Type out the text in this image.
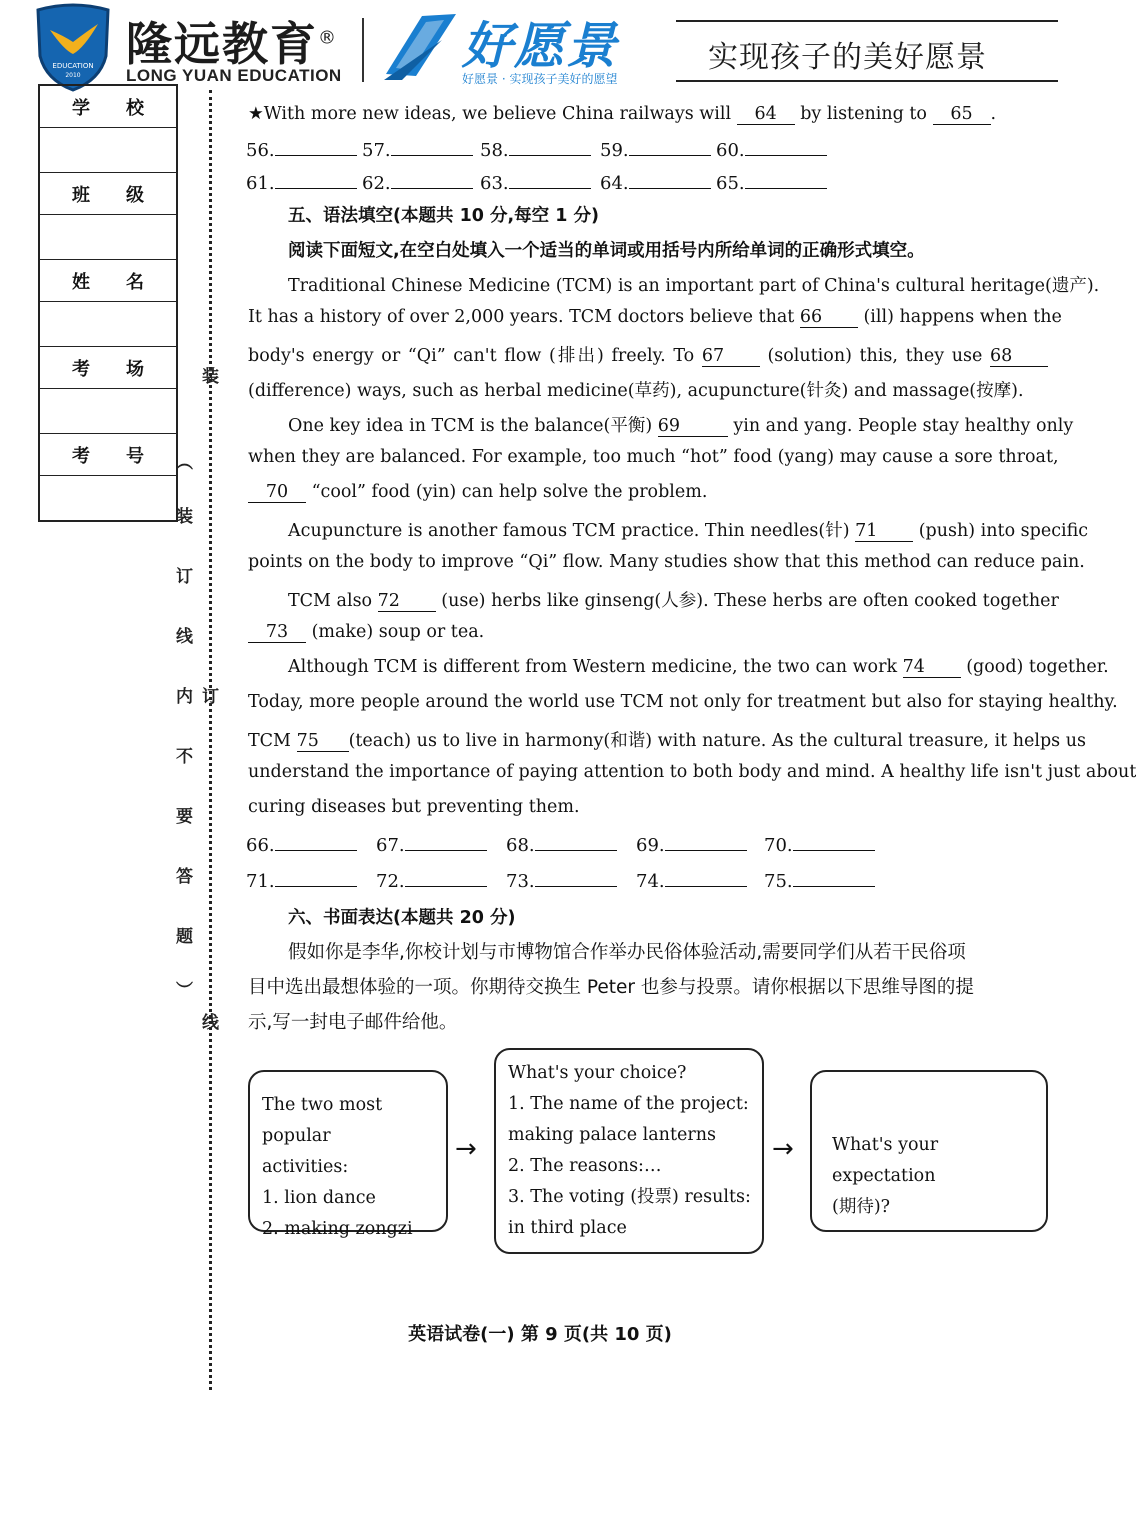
EDUCATION
2010
隆远教育®
LONG YUAN EDUCATION
好愿景
好愿景 · 实现孩子美好的愿望
实现孩子的美好愿景
学 校
班 级
姓 名
考 场
考 号
装
︵
装
订
线
内 订
不
要
答
题
︶
线
★With more new ideas, we believe China railways will 64 by listening to 65 .
56.	57.	58.	59.	60.
61.	62.	63.	64.	65.
五、语法填空(本题共 10 分,每空 1 分)
阅读下面短文,在空白处填入一个适当的单词或用括号内所给单词的正确形式填空。
Traditional Chinese Medicine (TCM) is an important part of China's cultural heritage(遗产).
It has a history of over 2,000 years. TCM doctors believe that 66 (ill) happens when the
body's energy or “Qi” can't flow (排出) freely. To 67 (solution) this, they use 68
(difference) ways, such as herbal medicine(草药), acupuncture(针灸) and massage(按摩).
One key idea in TCM is the balance(平衡) 69	yin and yang. People stay healthy only
when they are balanced. For example, too much “hot” food (yang) may cause a sore throat,
70 “cool” food (yin) can help solve the problem.
Acupuncture is another famous TCM practice. Thin needles(针) 71 (push) into specific
points on the body to improve “Qi” flow. Many studies show that this method can reduce pain.
TCM also 72 (use) herbs like ginseng(人参). These herbs are often cooked together
73 (make) soup or tea.
Although TCM is different from Western medicine, the two can work 74 (good) together.
Today, more people around the world use TCM not only for treatment but also for staying healthy.
TCM 75 (teach) us to live in harmony(和谐) with nature. As the cultural treasure, it helps us
understand the importance of paying attention to both body and mind. A healthy life isn't just about
curing diseases but preventing them.
66.	67.	68.	69.	70.
71.	72.	73.	74.	75.
六、书面表达(本题共 20 分)
假如你是李华,你校计划与市博物馆合作举办民俗体验活动,需要同学们从若干民俗项
目中选出最想体验的一项。你期待交换生 Peter 也参与投票。请你根据以下思维导图的提
示,写一封电子邮件给他。
The two most popular
activities:
1. lion dance
2. making zongzi
→
What's your choice?
1. The name of the project:
making palace lanterns
2. The reasons:…
3. The voting (投票) results:
in third place
→ What's your expectation
(期待)?
英语试卷(一) 第 9 页(共 10 页)
